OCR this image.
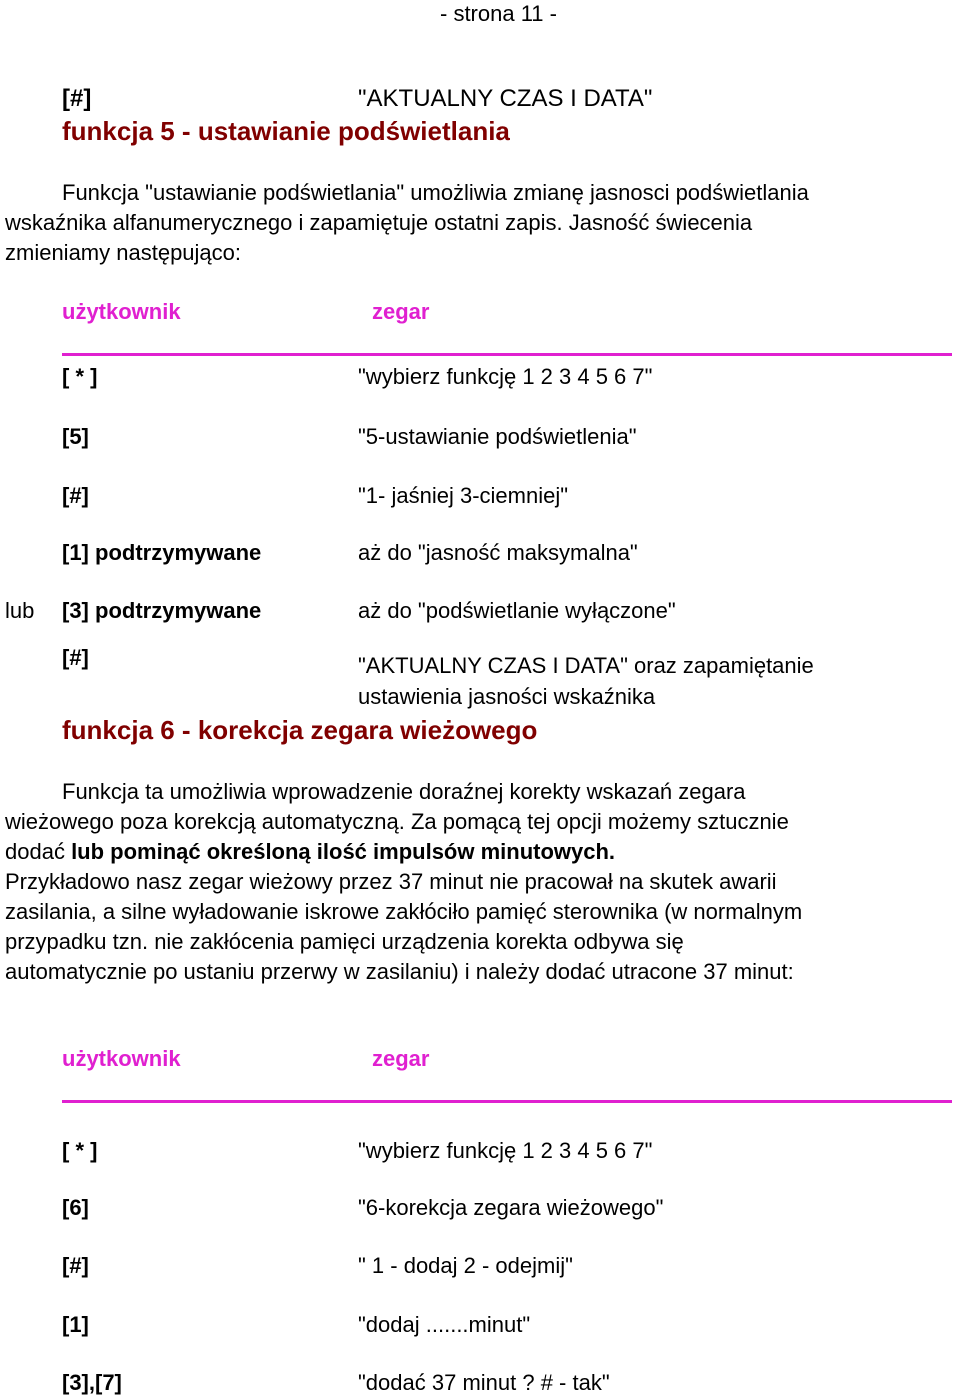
- strona 11 -
[#]	"AKTUALNY CZAS I DATA"
funkcja 5 - ustawianie podświetlania
Funkcja "ustawianie podświetlania" umożliwia zmianę jasnosci podświetlania
wskaźnika alfanumerycznego i zapamiętuje ostatni zapis. Jasność świecenia
zmieniamy następująco:
użytkownik	zegar
[ * ]	"wybierz funkcję 1 2 3 4 5 6 7"
[5]	"5-ustawianie podświetlenia"
[#]	"1- jaśniej 3-ciemniej"
[1] podtrzymywane	aż do "jasność maksymalna"
lub [3] podtrzymywane	aż do "podświetlanie wyłączone"
[#]	"AKTUALNY CZAS I DATA" oraz zapamiętanie
ustawienia jasności wskaźnika
funkcja 6 - korekcja zegara wieżowego
Funkcja ta umożliwia wprowadzenie doraźnej korekty wskazań zegara
wieżowego poza korekcją automatyczną. Za pomącą tej opcji możemy sztucznie
dodać lub pominąć określoną ilość impulsów minutowych.
Przykładowo nasz zegar wieżowy przez 37 minut nie pracował na skutek awarii
zasilania, a silne wyładowanie iskrowe zakłóciło pamięć sterownika (w normalnym
przypadku tzn. nie zakłócenia pamięci urządzenia korekta odbywa się
automatycznie po ustaniu przerwy w zasilaniu) i należy dodać utracone 37 minut:
użytkownik	zegar
[ * ]	"wybierz funkcję 1 2 3 4 5 6 7"
[6]	"6-korekcja zegara wieżowego"
[#]	" 1 - dodaj 2 - odejmij"
[1]	"dodaj .......minut"
[3],[7]	"dodać 37 minut ? # - tak"
